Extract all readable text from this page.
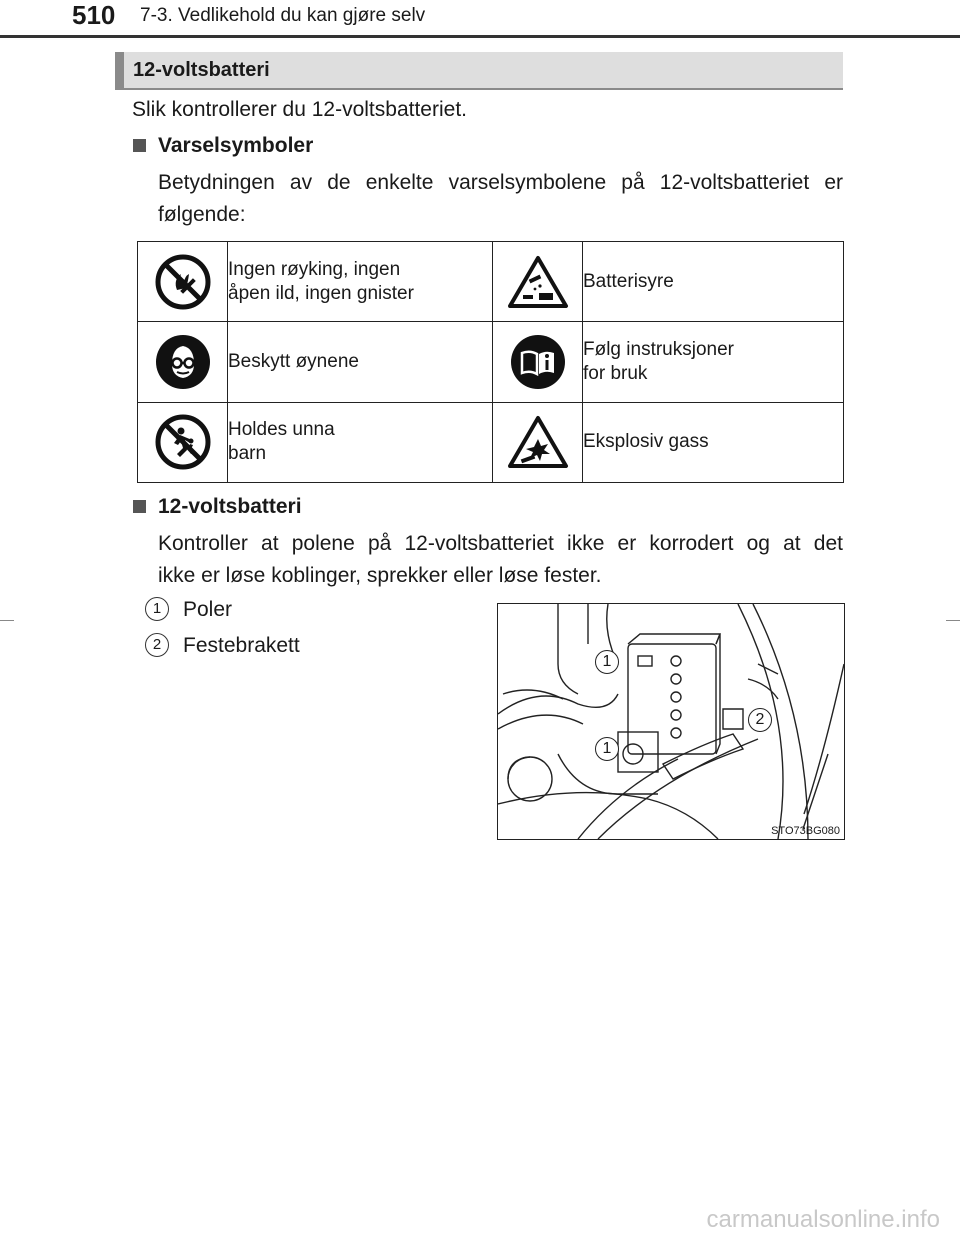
510 7-3. Vedlikehold du kan gjøre selv
12-voltsbatteri
Slik kontrollerer du 12-voltsbatteriet.
Varselsymboler
Betydningen av de enkelte varselsymbolene på 12-voltsbatteriet er
følgende:

Ingen røyking, ingen
åpen ild, ingen gnister		Batterisyre

Beskytt øynene		Følg instruksjoner
for bruk

Holdes unna
barn		Eksplosiv gass
12-voltsbatteri
Kontroller at polene på 12-voltsbatteriet ikke er korrodert og at det
ikke er løse koblinger, sprekker eller løse fester.
1	Poler
2	Festebrakett
1
2
1
STO73BG080
carmanualsonline.info
